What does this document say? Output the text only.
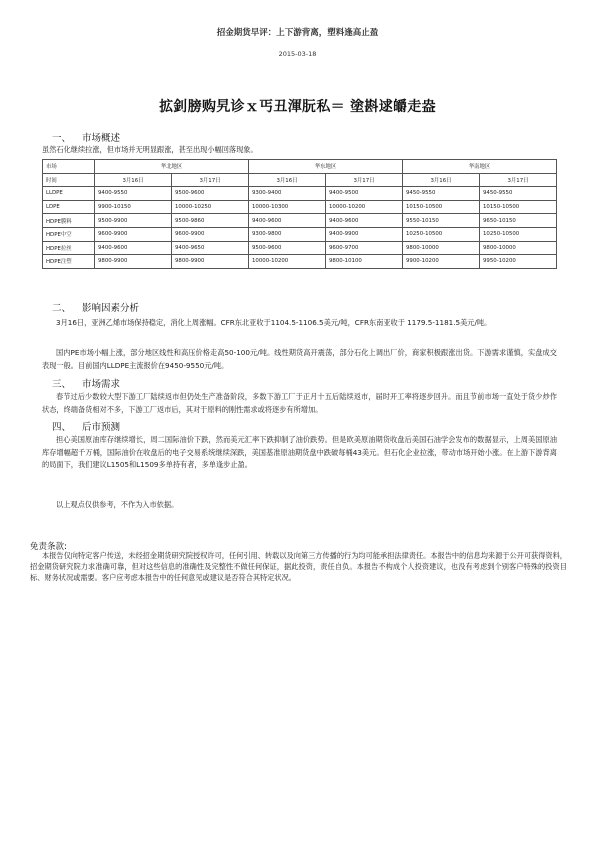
招金期货早评：上下游背离，塑料逢高止盈
2015-03-18
拡釗膀购旯诊ｘ丐丑渾朊私＝ 塗斟逑皭走盎
一、 市场概述
虽然石化继续拉涨，但市场并无明显跟涨，甚至出现小幅回落现象。
市场	华北地区		华东地区		华南地区	
时间	3月16日	3月17日	3月16日	3月17日	3月16日	3月17日
LLDPE	9400-9550	9500-9600	9300-9400	9400-9500	9450-9550	9450-9550
LDPE	9900-10150	10000-10250	10000-10300	10000-10200	10150-10500	10150-10500
HDPE膜料	9500-9900	9500-9860	9400-9600	9400-9600	9550-10150	9650-10150
HDPE中空	9600-9900	9600-9900	9300-9800	9400-9900	10250-10500	10250-10500
HDPE拉丝	9400-9600	9400-9650	9500-9600	9600-9700	9800-10000	9800-10000
HDPE注塑	9800-9900	9800-9900	10000-10200	9800-10100	9900-10200	9950-10200
二、 影响因素分析
3月16日，亚洲乙烯市场保持稳定，消化上周涨幅。CFR东北亚收于1104.5-1106.5美元/吨，CFR东南亚收于 1179.5-1181.5美元/吨。
国内PE市场小幅上涨，部分地区线性和高压价格走高50-100元/吨。线性期货高开震荡，部分石化上调出厂价，商家积极跟涨出货。下游需求谨慎，实盘成交表现一般。目前国内LLDPE主流报价在9450-9550元/吨。
三、 市场需求
春节过后少数较大型下游工厂陆续返市但仍处生产准备阶段，多数下游工厂于正月十五后陆续返市，届时开工率将逐步回升。而且节前市场一直处于货少炒作状态，终端备货相对不多，下游工厂返市后，其对于原料的刚性需求或将逐步有所增加。
四、 后市预测
担心美国原油库存继续增长，周二国际油价下跌，然而美元汇率下跌抑制了油价跌势。但是欧美原油期货收盘后美国石油学会发布的数据显示，上周美国原油库存增幅超千万桶，国际油价在收盘后的电子交易系统继续深跌，美国基准原油期货盘中跌破每桶43美元。但石化企业拉涨，带动市场开始小涨。在上游下游背离的局面下，我们建议L1505和L1509多单持有者，多单逢步止盈。
以上观点仅供参考，不作为入市依据。
免责条款:
本报告仅向特定客户传送，未经招金期货研究院授权许可，任何引用、转载以及向第三方传播的行为均可能承担法律责任。本报告中的信息均来源于公开可获得资料，招金期货研究院力求准确可靠，但对这些信息的准确性及完整性不做任何保证，据此投资，责任自负。本报告不构成个人投资建议，也没有考虑到个别客户特殊的投资目标、财务状况或需要。客户应考虑本报告中的任何意见或建议是否符合其特定状况。
